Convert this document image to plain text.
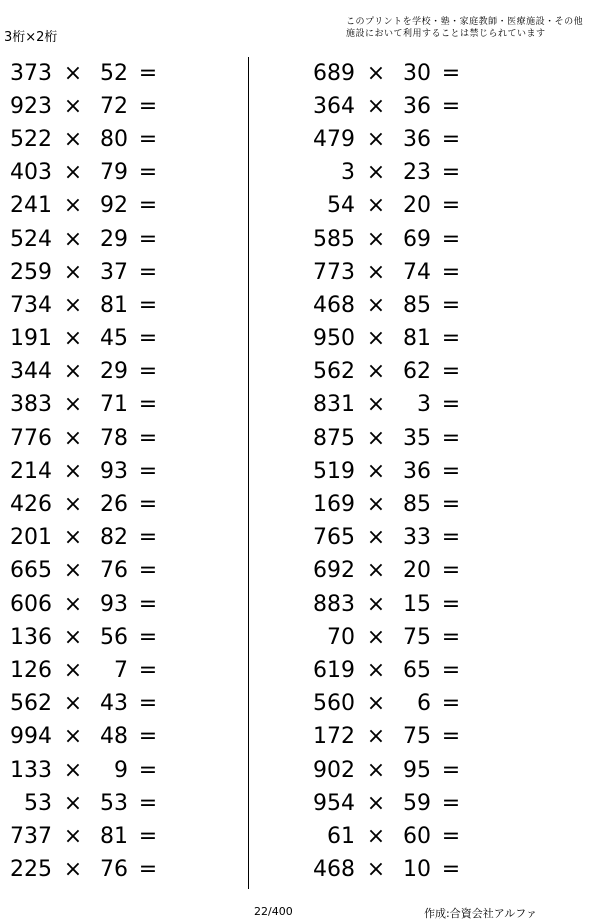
3桁×2桁
このプリントを学校・塾・家庭教師・医療施設・その他
施設において利用することは禁じられています
373 × 52 =
923 × 72 =
522 × 80 =
403 × 79 =
241 × 92 =
524 × 29 =
259 × 37 =
734 × 81 =
191 × 45 =
344 × 29 =
383 × 71 =
776 × 78 =
214 × 93 =
426 × 26 =
201 × 82 =
665 × 76 =
606 × 93 =
136 × 56 =
126 ×	7 =
562 × 43 =
994 × 48 =
133 ×	9 =
53 × 53 =
737 × 81 =
225 × 76 =
689 × 30 =
364 × 36 =
479 × 36 =
3 × 23 =
54 × 20 =
585 × 69 =
773 × 74 =
468 × 85 =
950 × 81 =
562 × 62 =
831 ×	3 =
875 × 35 =
519 × 36 =
169 × 85 =
765 × 33 =
692 × 20 =
883 × 15 =
70 × 75 =
619 × 65 =
560 ×	6 =
172 × 75 =
902 × 95 =
954 × 59 =
61 × 60 =
468 × 10 =
22/400	作成:合資会社アルファ
